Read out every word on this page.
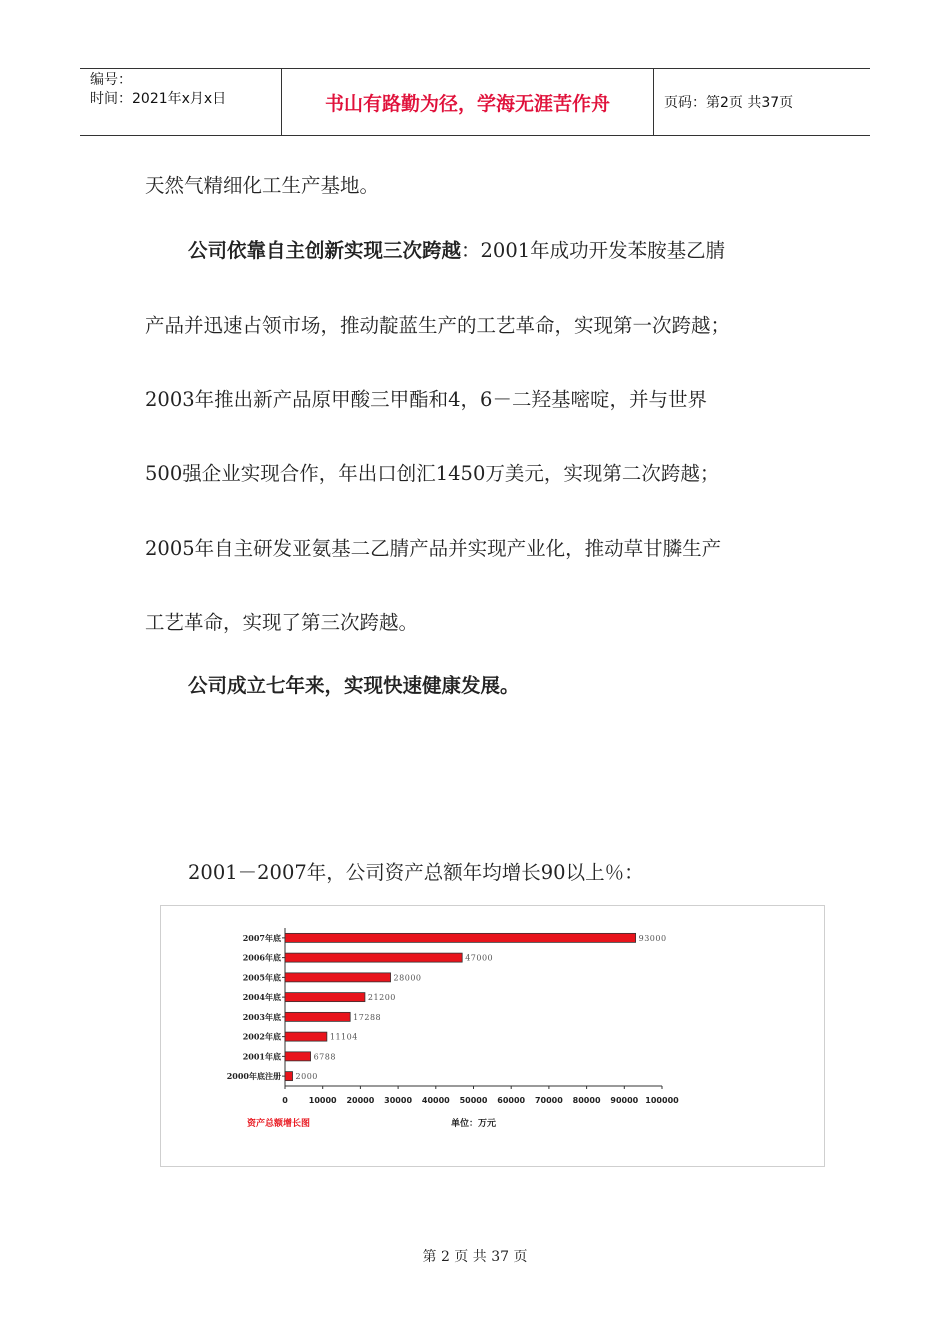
编号：
时间：2021年x月x日	书山有路勤为径，学海无涯苦作舟	页码：第2页 共37页
天然气精细化工生产基地。
公司依靠自主创新实现三次跨越：2001年成功开发苯胺基乙腈
产品并迅速占领市场，推动靛蓝生产的工艺革命，实现第一次跨越；
2003年推出新产品原甲酸三甲酯和4，6－二羟基嘧啶，并与世界
500强企业实现合作，年出口创汇1450万美元，实现第二次跨越；
2005年自主研发亚氨基二乙腈产品并实现产业化，推动草甘膦生产
工艺革命，实现了第三次跨越。
公司成立七年来，实现快速健康发展。
2001－2007年，公司资产总额年均增长90以上％：
0	10000 20000 30000 40000 50000 60000 70000 80000 90000 100000
2007年底	93000
2006年底	47000
2005年底	28000
2004年底	21200
2003年底	17288
2002年底	11104
2001年底	6788
2000年底注册 2000
资产总额增长图	单位：万元
第 2 页 共 37 页
